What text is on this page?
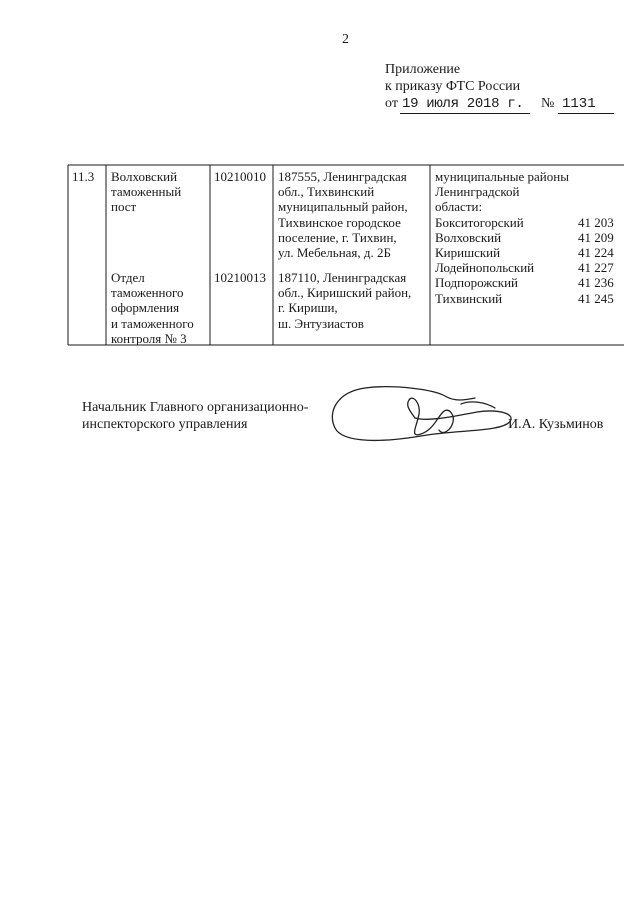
2
Приложение
к приказу ФТС России
от 19 июля 2018 г. № 1131
11.3 Волховский
таможенный
пост
10210010 187555, Ленинградская
обл., Тихвинский
муниципальный район,
Тихвинское городское
поселение, г. Тихвин,
ул. Мебельная, д. 2Б
Отдел
таможенного
оформления
и таможенного
контроля № 3
10210013 187110, Ленинградская
обл., Киришский район,
г. Кириши,
ш. Энтузиастов
муниципальные районы
Ленинградской
области:
Бокситогорский
Волховский
Киришский
Лодейнопольский
Подпорожский
Тихвинский
41 203
41 209
41 224
41 227
41 236
41 245
Начальник Главного организационно-
инспекторского управления	И.А. Кузьминов
